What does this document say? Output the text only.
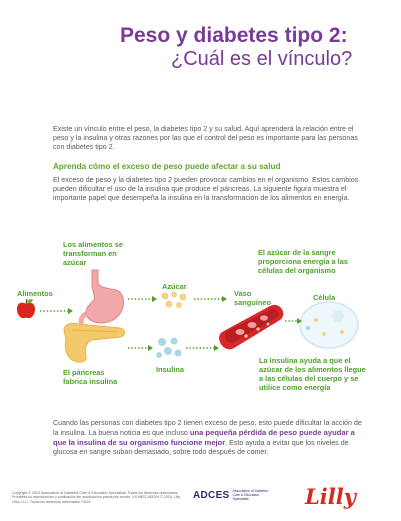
Peso y diabetes tipo 2:
¿Cuál es el vínculo?
Existe un vínculo entre el peso, la diabetes tipo 2 y su salud. Aquí aprenderá la relación entre el peso y la insulina y otras razones por las que el control del peso es importante para las personas con diabetes tipo 2.
Aprenda cómo el exceso de peso puede afectar a su salud
El exceso de peso y la diabetes tipo 2 pueden provocar cambios en el organismo. Estos cambios pueden dificultar el uso de la insulina que produce el páncreas. La siguiente figura muestra el importante papel que desempeña la insulina en la transformación de los alimentos en energía.
Los alimentos se transforman en azúcar
Alimentos
Azúcar
Vaso sanguíneo
Célula
El azúcar de la sangre proporciona energía a las células del organismo
El páncreas fabrica insulina
Insulina
La insulina ayuda a que el azúcar de los alimentos llegue a las células del cuerpo y se utilice como energía
Cuando las personas con diabetes tipo 2 tienen exceso de peso, esto puede dificultar la acción de la insulina. La buena noticia es que incluso una pequeña pérdida de peso puede ayudar a que la insulina de su organismo funcione mejor. Esto ayuda a evitar que los niveles de glucosa en sangre suban demasiado, sobre todo después de comer.
Copyright © 2024 Association of Diabetes Care & Education Specialists. Todos los derechos reservados. Prohibida su reproducción o publicación sin autorización previa por escrito. VV-MED-185209 © 2024, Lilly USA, LLC. Todos los derechos reservados. 03/24
ADCES Association of Diabetes Care & Education Specialists	Lilly
